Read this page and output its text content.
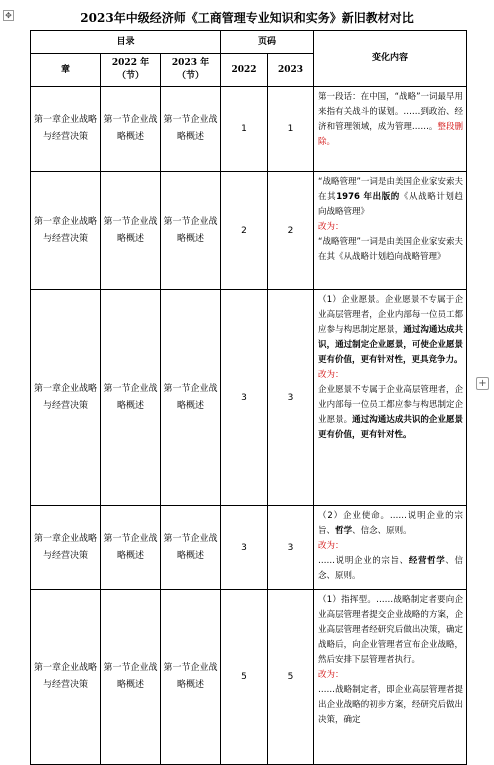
✥	2023年中级经济师《工商管理专业知识和实务》新旧教材对比
目录			页码		变化内容
章	2022 年（节）	2023 年（节）	2022	2023	
第一章企业战略与经营决策	第一节企业战略概述	第一节企业战略概述	1	1	第一段话：在中国，“战略”一词最早用来指有关战斗的谋划。……到政治、经济和管理领域，成为管理……。整段删除。
第一章企业战略与经营决策	第一节企业战略概述	第一节企业战略概述	2	2	“战略管理”一词是由美国企业家安索夫在其1976 年出版的《从战略计划趋向战略管理》

改为：

“战略管理”一词是由美国企业家安索夫在其《从战略计划趋向战略管理》

第一章企业战略与经营决策	第一节企业战略概述	第一节企业战略概述	3	3	（1）企业愿景。企业愿景不专属于企业高层管理者，企业内部每一位员工都应参与构思制定愿景，通过沟通达成共识，通过制定企业愿景，可使企业愿景更有价值，更有针对性，更具竞争力。

改为：

企业愿景不专属于企业高层管理者，企业内部每一位员工都应参与构思制定企业愿景。通过沟通达成共识的企业愿景更有价值，更有针对性。

第一章企业战略与经营决策	第一节企业战略概述	第一节企业战略概述	3	3	（2）企业使命。……说明企业的宗旨、哲学、信念、原则。

改为：

……说明企业的宗旨、经营哲学、信念、原则。

第一章企业战略与经营决策	第一节企业战略概述	第一节企业战略概述	5	5	（1）指挥型。……战略制定者要向企业高层管理者提交企业战略的方案，企业高层管理者经研究后做出决策，确定战略后，向企业管理者宣布企业战略，然后安排下层管理者执行。

改为：

……战略制定者，即企业高层管理者提出企业战略的初步方案，经研究后做出决策，确定

+
